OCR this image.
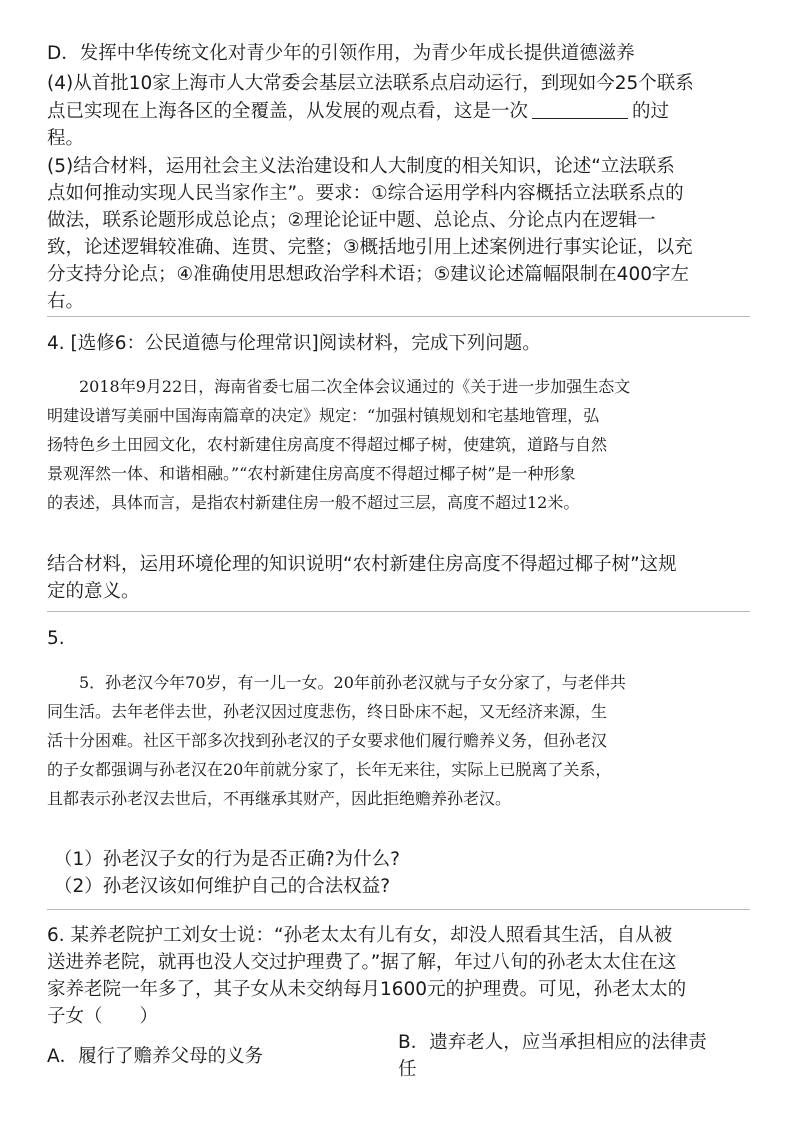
D．发挥中华传统文化对青少年的引领作用，为青少年成长提供道德滋养
(4)从首批10家上海市人大常委会基层立法联系点启动运行，到现如今25个联系
点已实现在上海各区的全覆盖，从发展的观点看，这是一次	的过
程。
(5)结合材料，运用社会主义法治建设和人大制度的相关知识，论述“立法联系
点如何推动实现人民当家作主”。要求：①综合运用学科内容概括立法联系点的
做法，联系论题形成总论点；②理论论证中题、总论点、分论点内在逻辑一
致，论述逻辑较准确、连贯、完整；③概括地引用上述案例进行事实论证，以充
分支持分论点；④准确使用思想政治学科术语；⑤建议论述篇幅限制在400字左
右。
4. [选修6：公民道德与伦理常识]阅读材料，完成下列问题。
　　2018年9月22日，海南省委七届二次全体会议通过的《关于进一步加强生态文
明建设谱写美丽中国海南篇章的决定》规定：“加强村镇规划和宅基地管理，弘
扬特色乡土田园文化，农村新建住房高度不得超过椰子树，使建筑，道路与自然
景观浑然一体、和谐相融。”“农村新建住房高度不得超过椰子树”是一种形象
的表述，具体而言，是指农村新建住房一般不超过三层，高度不超过12米。
结合材料，运用环境伦理的知识说明“农村新建住房高度不得超过椰子树”这规
定的意义。
5.
　　5．孙老汉今年70岁，有一儿一女。20年前孙老汉就与子女分家了，与老伴共
同生活。去年老伴去世，孙老汉因过度悲伤，终日卧床不起，又无经济来源，生
活十分困难。社区干部多次找到孙老汉的子女要求他们履行赡养义务，但孙老汉
的子女都强调与孙老汉在20年前就分家了，长年无来往，实际上已脱离了关系，
且都表示孙老汉去世后，不再继承其财产，因此拒绝赡养孙老汉。
（1）孙老汉子女的行为是否正确?为什么?
（2）孙老汉该如何维护自己的合法权益?
6. 某养老院护工刘女士说：“孙老太太有儿有女，却没人照看其生活，自从被
送进养老院，就再也没人交过护理费了。”据了解，年过八旬的孙老太太住在这
家养老院一年多了，其子女从未交纳每月1600元的护理费。可见，孙老太太的
子女（　　）
A．履行了赡养父母的义务
B．遗弃老人，应当承担相应的法律责
任
